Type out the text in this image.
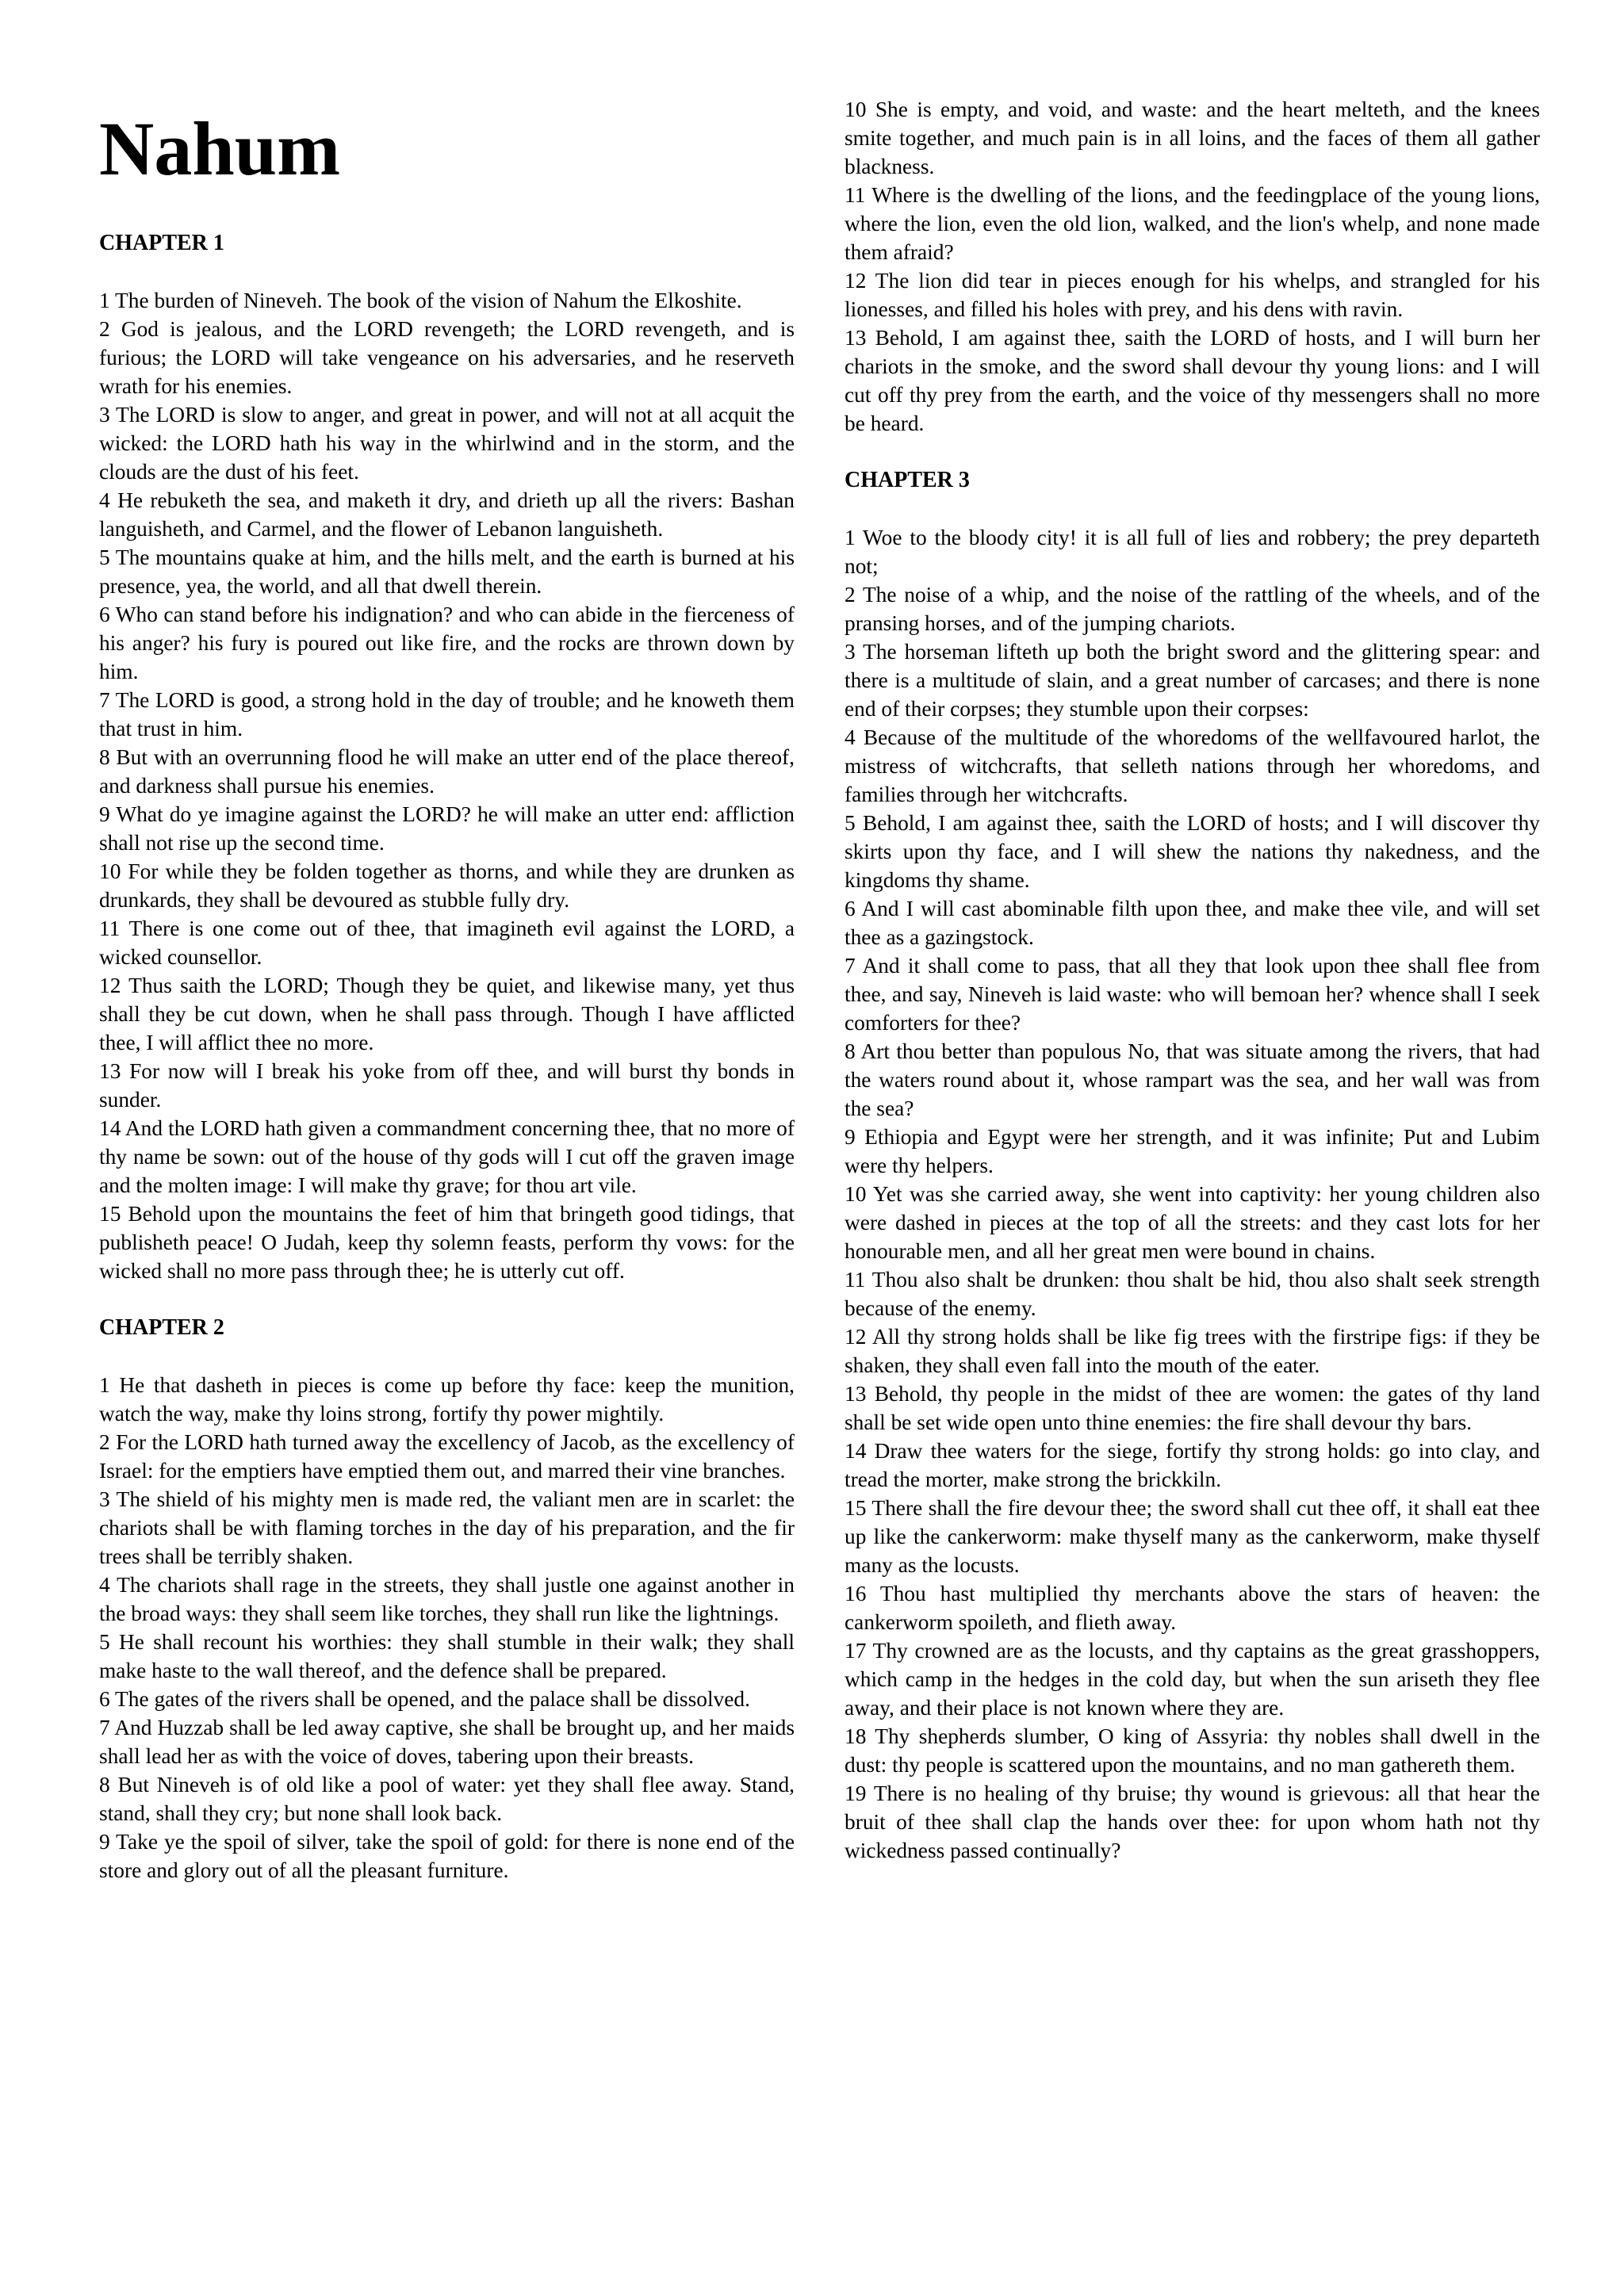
Nahum
CHAPTER 1

1 The burden of Nineveh. The book of the vision of Nahum the Elkoshite.

2 God is jealous, and the LORD revengeth; the LORD revengeth, and is furious; the LORD will take vengeance on his adversaries, and he reserveth wrath for his enemies.

3 The LORD is slow to anger, and great in power, and will not at all acquit the wicked: the LORD hath his way in the whirlwind and in the storm, and the clouds are the dust of his feet.

4 He rebuketh the sea, and maketh it dry, and drieth up all the rivers: Bashan languisheth, and Carmel, and the flower of Lebanon languisheth.

5 The mountains quake at him, and the hills melt, and the earth is burned at his presence, yea, the world, and all that dwell therein.

6 Who can stand before his indignation? and who can abide in the fierceness of his anger? his fury is poured out like fire, and the rocks are thrown down by him.

7 The LORD is good, a strong hold in the day of trouble; and he knoweth them that trust in him.

8 But with an overrunning flood he will make an utter end of the place thereof, and darkness shall pursue his enemies.

9 What do ye imagine against the LORD? he will make an utter end: affliction shall not rise up the second time.

10 For while they be folden together as thorns, and while they are drunken as drunkards, they shall be devoured as stubble fully dry.

11 There is one come out of thee, that imagineth evil against the LORD, a wicked counsellor.

12 Thus saith the LORD; Though they be quiet, and likewise many, yet thus shall they be cut down, when he shall pass through. Though I have afflicted thee, I will afflict thee no more.

13 For now will I break his yoke from off thee, and will burst thy bonds in sunder.

14 And the LORD hath given a commandment concerning thee, that no more of thy name be sown: out of the house of thy gods will I cut off the graven image and the molten image: I will make thy grave; for thou art vile.

15 Behold upon the mountains the feet of him that bringeth good tidings, that publisheth peace! O Judah, keep thy solemn feasts, perform thy vows: for the wicked shall no more pass through thee; he is utterly cut off.

CHAPTER 2

1 He that dasheth in pieces is come up before thy face: keep the munition, watch the way, make thy loins strong, fortify thy power mightily.

2 For the LORD hath turned away the excellency of Jacob, as the excellency of Israel: for the emptiers have emptied them out, and marred their vine branches.

3 The shield of his mighty men is made red, the valiant men are in scarlet: the chariots shall be with flaming torches in the day of his preparation, and the fir trees shall be terribly shaken.

4 The chariots shall rage in the streets, they shall justle one against another in the broad ways: they shall seem like torches, they shall run like the lightnings.

5 He shall recount his worthies: they shall stumble in their walk; they shall make haste to the wall thereof, and the defence shall be prepared.

6 The gates of the rivers shall be opened, and the palace shall be dissolved.

7 And Huzzab shall be led away captive, she shall be brought up, and her maids shall lead her as with the voice of doves, tabering upon their breasts.

8 But Nineveh is of old like a pool of water: yet they shall flee away. Stand, stand, shall they cry; but none shall look back.

9 Take ye the spoil of silver, take the spoil of gold: for there is none end of the store and glory out of all the pleasant furniture.

10 She is empty, and void, and waste: and the heart melteth, and the knees smite together, and much pain is in all loins, and the faces of them all gather blackness.

11 Where is the dwelling of the lions, and the feedingplace of the young lions, where the lion, even the old lion, walked, and the lion's whelp, and none made them afraid?

12 The lion did tear in pieces enough for his whelps, and strangled for his lionesses, and filled his holes with prey, and his dens with ravin.

13 Behold, I am against thee, saith the LORD of hosts, and I will burn her chariots in the smoke, and the sword shall devour thy young lions: and I will cut off thy prey from the earth, and the voice of thy messengers shall no more be heard.

CHAPTER 3

1 Woe to the bloody city! it is all full of lies and robbery; the prey departeth not;

2 The noise of a whip, and the noise of the rattling of the wheels, and of the pransing horses, and of the jumping chariots.

3 The horseman lifteth up both the bright sword and the glittering spear: and there is a multitude of slain, and a great number of carcases; and there is none end of their corpses; they stumble upon their corpses:

4 Because of the multitude of the whoredoms of the wellfavoured harlot, the mistress of witchcrafts, that selleth nations through her whoredoms, and families through her witchcrafts.

5 Behold, I am against thee, saith the LORD of hosts; and I will discover thy skirts upon thy face, and I will shew the nations thy nakedness, and the kingdoms thy shame.

6 And I will cast abominable filth upon thee, and make thee vile, and will set thee as a gazingstock.

7 And it shall come to pass, that all they that look upon thee shall flee from thee, and say, Nineveh is laid waste: who will bemoan her? whence shall I seek comforters for thee?

8 Art thou better than populous No, that was situate among the rivers, that had the waters round about it, whose rampart was the sea, and her wall was from the sea?

9 Ethiopia and Egypt were her strength, and it was infinite; Put and Lubim were thy helpers.

10 Yet was she carried away, she went into captivity: her young children also were dashed in pieces at the top of all the streets: and they cast lots for her honourable men, and all her great men were bound in chains.

11 Thou also shalt be drunken: thou shalt be hid, thou also shalt seek strength because of the enemy.

12 All thy strong holds shall be like fig trees with the firstripe figs: if they be shaken, they shall even fall into the mouth of the eater.

13 Behold, thy people in the midst of thee are women: the gates of thy land shall be set wide open unto thine enemies: the fire shall devour thy bars.

14 Draw thee waters for the siege, fortify thy strong holds: go into clay, and tread the morter, make strong the brickkiln.

15 There shall the fire devour thee; the sword shall cut thee off, it shall eat thee up like the cankerworm: make thyself many as the cankerworm, make thyself many as the locusts.

16 Thou hast multiplied thy merchants above the stars of heaven: the cankerworm spoileth, and flieth away.

17 Thy crowned are as the locusts, and thy captains as the great grasshoppers, which camp in the hedges in the cold day, but when the sun ariseth they flee away, and their place is not known where they are.

18 Thy shepherds slumber, O king of Assyria: thy nobles shall dwell in the dust: thy people is scattered upon the mountains, and no man gathereth them.

19 There is no healing of thy bruise; thy wound is grievous: all that hear the bruit of thee shall clap the hands over thee: for upon whom hath not thy wickedness passed continually?
